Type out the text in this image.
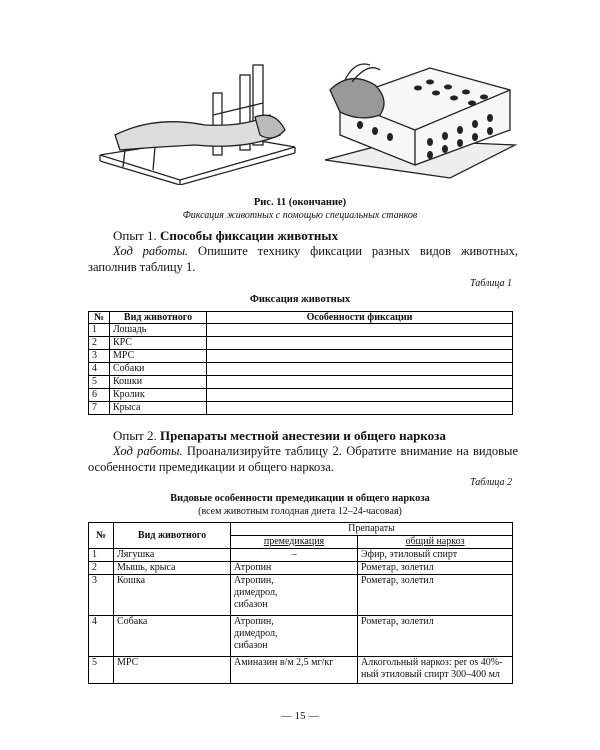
Рис. 11 (окончание)
Фиксация животных с помощью специальных станков
Опыт 1. Способы фиксации животных
Ход работы. Опишите технику фиксации разных видов животных, заполнив таблицу 1.
Таблица 1
Фиксация животных
№	Вид животного	Особенности фиксации
1	Лошадь	
2	КРС	
3	МРС	
4	Собаки	
5	Кошки	
6	Кролик	
7	Крыса	
Опыт 2. Препараты местной анестезии и общего наркоза
Ход работы. Проанализируйте таблицу 2. Обратите внимание на видовые особенности премедикации и общего наркоза.
Таблица 2
Видовые особенности премедикации и общего наркоза
(всем животным голодная диета 12–24-часовая)
№	Вид животного	Препараты	
		премедикация	общий наркоз
1	Лягушка	–	Эфир, этиловый спирт
2	Мышь, крыса	Атропин	Рометар, золетил
3	Кошка	Атропин,
димедрол,
сибазон	Рометар, золетил
4	Собака	Атропин,
димедрол,
сибазон	Рометар, золетил
5	МРС	Аминазин в/м 2,5 мг/кг	Алкогольный наркоз: per os 40%-
ный этиловый спирт 300–400 мл
— 15 —
